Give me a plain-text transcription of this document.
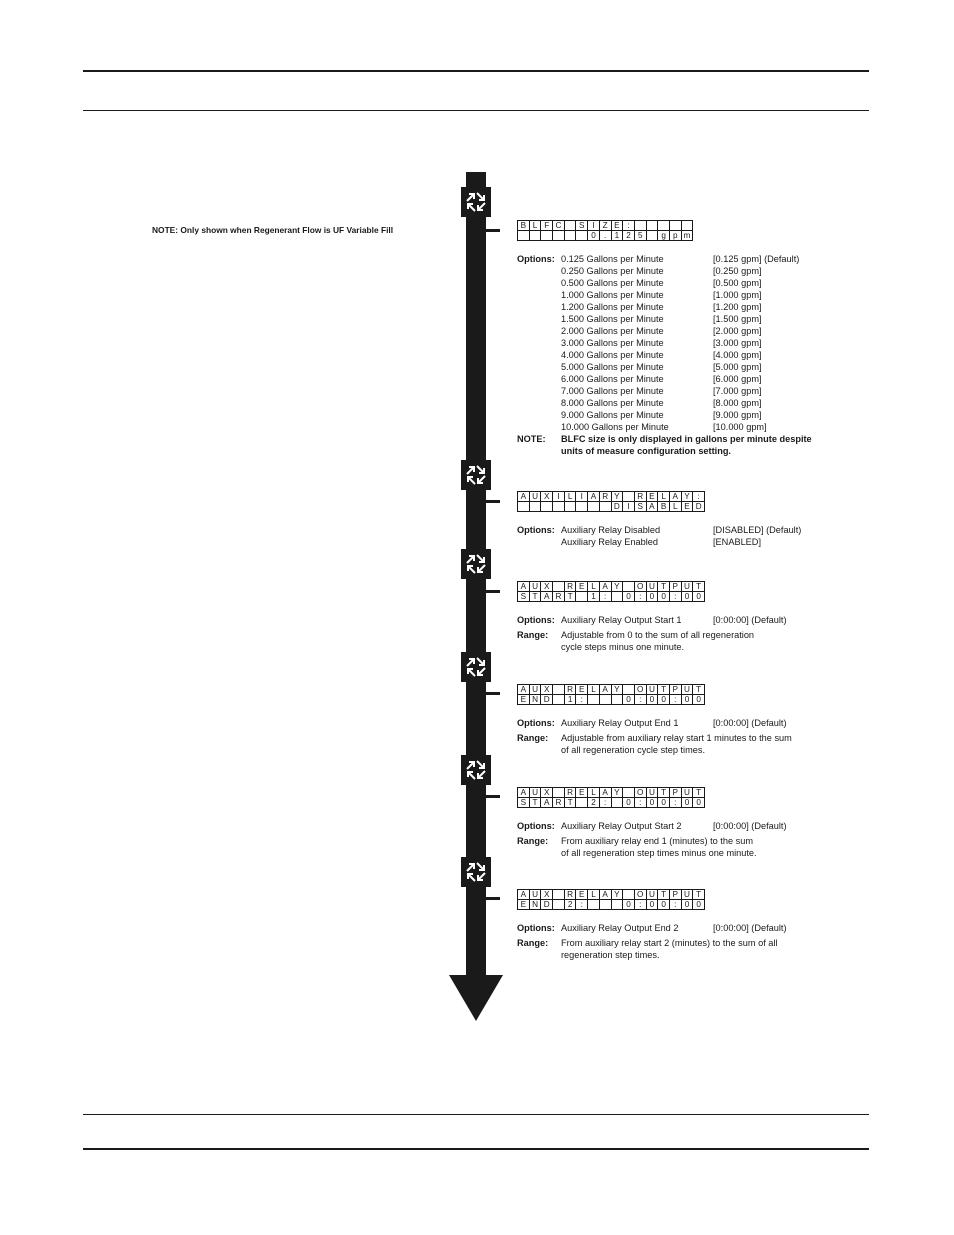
NOTE: Only shown when Regenerant Flow is UF Variable Fill	B	L	F	C		S	I	Z	E	:					
						0	.	1	2	5		g	p	m
Options: 0.125 Gallons per Minute	[0.125 gpm] (Default)
0.250 Gallons per Minute	[0.250 gpm]
0.500 Gallons per Minute	[0.500 gpm]
1.000 Gallons per Minute	[1.000 gpm]
1.200 Gallons per Minute	[1.200 gpm]
1.500 Gallons per Minute	[1.500 gpm]
2.000 Gallons per Minute	[2.000 gpm]
3.000 Gallons per Minute	[3.000 gpm]
4.000 Gallons per Minute	[4.000 gpm]
5.000 Gallons per Minute	[5.000 gpm]
6.000 Gallons per Minute	[6.000 gpm]
7.000 Gallons per Minute	[7.000 gpm]
8.000 Gallons per Minute	[8.000 gpm]
9.000 Gallons per Minute	[9.000 gpm]
10.000 Gallons per Minute	[10.000 gpm]
NOTE: BLFC size is only displayed in gallons per minute despite
units of measure configuration setting.
A	U	X	I	L	I	A	R	Y		R	E	L	A	Y	:
								D	I	S	A	B	L	E	D
Options: Auxiliary Relay Disabled	[DISABLED] (Default)
Auxiliary Relay Enabled	[ENABLED]
A	U	X		R	E	L	A	Y		O	U	T	P	U	T
S	T	A	R	T		1	:		0	:	0	0	:	0	0
Options: Auxiliary Relay Output Start 1	[0:00:00] (Default)
Range: Adjustable from 0 to the sum of all regeneration
cycle steps minus one minute.
A	U	X		R	E	L	A	Y		O	U	T	P	U	T
E	N	D		1	:				0	:	0	0	:	0	0
Options: Auxiliary Relay Output End 1	[0:00:00] (Default)
Range: Adjustable from auxiliary relay start 1 minutes to the sum
of all regeneration cycle step times.
A	U	X		R	E	L	A	Y		O	U	T	P	U	T
S	T	A	R	T		2	:		0	:	0	0	:	0	0
Options: Auxiliary Relay Output Start 2	[0:00:00] (Default)
Range: From auxiliary relay end 1 (minutes) to the sum
of all regeneration step times minus one minute.
A	U	X		R	E	L	A	Y		O	U	T	P	U	T
E	N	D		2	:				0	:	0	0	:	0	0
Options: Auxiliary Relay Output End 2	[0:00:00] (Default)
Range: From auxiliary relay start 2 (minutes) to the sum of all
regeneration step times.
